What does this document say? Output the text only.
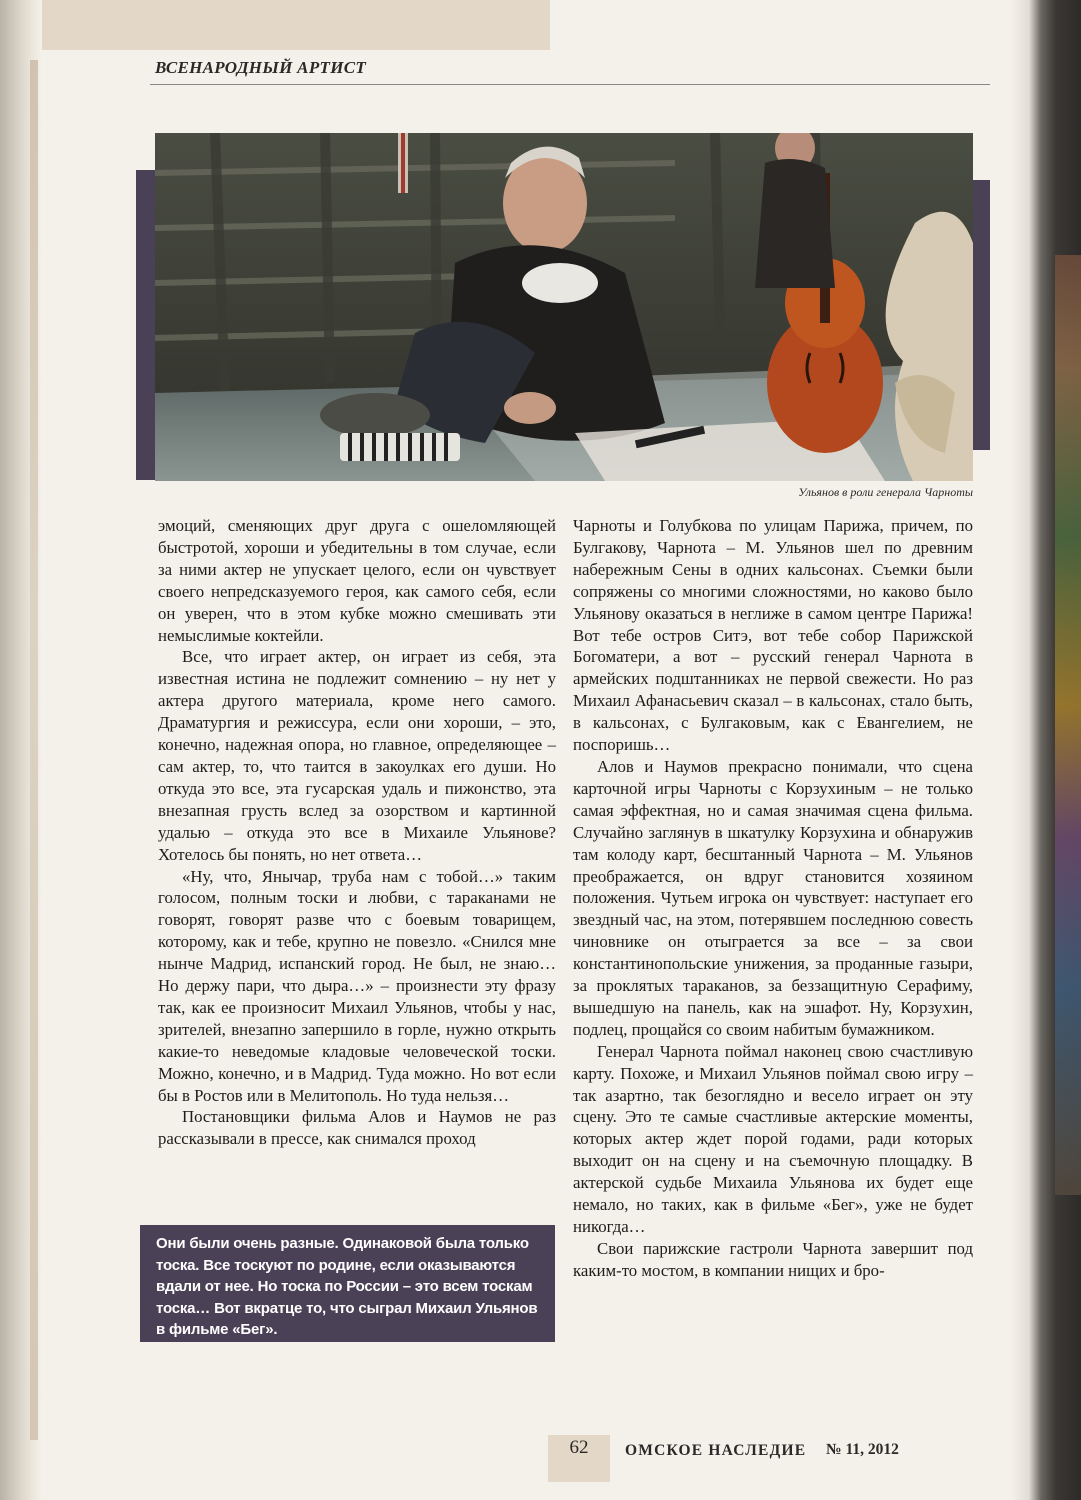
ВСЕНАРОДНЫЙ АРТИСТ
Ульянов в роли генерала Чарноты

эмоций, сменяющих друг друга с ошеломляющей быстротой, хороши и убедительны в том случае, если за ними актер не упускает целого, если он чувствует своего непредсказуемого героя, как самого себя, если он уверен, что в этом кубке можно смешивать эти немыслимые коктейли.

Все, что играет актер, он играет из себя, эта известная истина не подлежит сомнению – ну нет у актера другого материала, кроме него самого. Драматургия и режиссура, если они хороши, – это, конечно, надежная опора, но главное, определяющее – сам актер, то, что таится в закоулках его души. Но откуда это все, эта гусарская удаль и пижонство, эта внезапная грусть вслед за озорством и картинной удалью – откуда это все в Михаиле Ульянове? Хотелось бы понять, но нет ответа…

«Ну, что, Янычар, труба нам с тобой…» таким голосом, полным тоски и любви, с тараканами не говорят, говорят разве что с боевым товарищем, которому, как и тебе, крупно не повезло. «Снился мне нынче Мадрид, испанский город. Не был, не знаю… Но держу пари, что дыра…» – произнести эту фразу так, как ее произносит Михаил Ульянов, чтобы у нас, зрителей, внезапно запершило в горле, нужно открыть какие-то неведомые кладовые человеческой тоски. Можно, конечно, и в Мадрид. Туда можно. Но вот если бы в Ростов или в Мелитополь. Но туда нельзя…

Постановщики фильма Алов и Наумов не раз рассказывали в прессе, как снимался проход

Чарноты и Голубкова по улицам Парижа, причем, по Булгакову, Чарнота – М. Ульянов шел по древним набережным Сены в одних кальсонах. Съемки были сопряжены со многими сложностями, но каково было Ульянову оказаться в неглиже в самом центре Парижа! Вот тебе остров Ситэ, вот тебе собор Парижской Богоматери, а вот – русский генерал Чарнота в армейских подштанниках не первой свежести. Но раз Михаил Афанасьевич сказал – в кальсонах, стало быть, в кальсонах, с Булгаковым, как с Евангелием, не поспоришь…

Алов и Наумов прекрасно понимали, что сцена карточной игры Чарноты с Корзухиным – не только самая эффектная, но и самая значимая сцена фильма. Случайно заглянув в шкатулку Корзухина и обнаружив там колоду карт, бесштанный Чарнота – М. Ульянов преображается, он вдруг становится хозяином положения. Чутьем игрока он чувствует: наступает его звездный час, на этом, потерявшем последнюю совесть чиновнике он отыграется за все – за свои константинопольские унижения, за проданные газыри, за проклятых тараканов, за беззащитную Серафиму, вышедшую на панель, как на эшафот. Ну, Корзухин, подлец, прощайся со своим набитым бумажником.

Генерал Чарнота поймал наконец свою счастливую карту. Похоже, и Михаил Ульянов поймал свою игру – так азартно, так безоглядно и весело играет он эту сцену. Это те самые счастливые актерские моменты, которых актер ждет порой годами, ради которых выходит он на сцену и на съемочную площадку. В актерской судьбе Михаила Ульянова их будет еще немало, но таких, как в фильме «Бег», уже не будет никогда…

Свои парижские гастроли Чарнота завершит под каким-то мостом, в компании нищих и бро-

Они были очень разные. Одинаковой была только тоска. Все тоскуют по родине, если оказываются вдали от нее. Но тоска по России – это всем тоскам тоска… Вот вкратце то, что сыграл Михаил Ульянов в фильме «Бег».
62	ОМСКОЕ НАСЛЕДИЕ № 11, 2012
